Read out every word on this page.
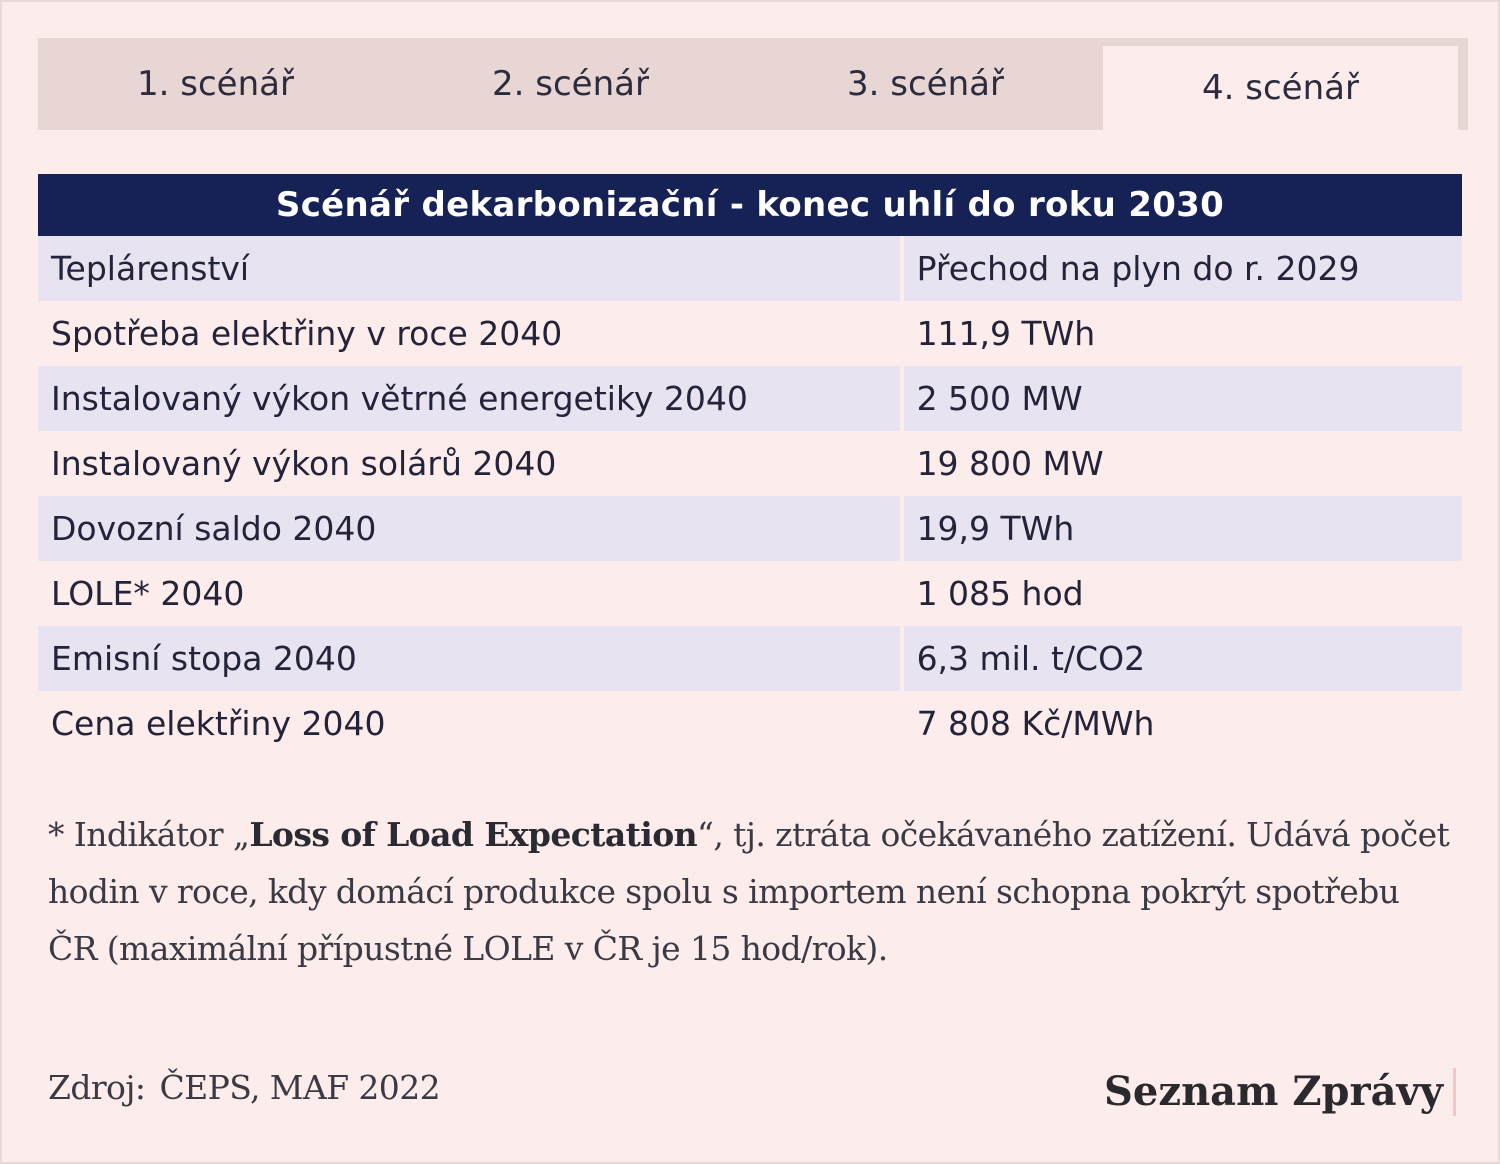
1. scénář	2. scénář	3. scénář	4. scénář
Scénář dekarbonizační - konec uhlí do roku 2030
Teplárenství	Přechod na plyn do r. 2029
Spotřeba elektřiny v roce 2040	111,9 TWh
Instalovaný výkon větrné energetiky 2040	2 500 MW
Instalovaný výkon solárů 2040	19 800 MW
Dovozní saldo 2040	19,9 TWh
LOLE* 2040	1 085 hod
Emisní stopa 2040	6,3 mil. t/CO2
Cena elektřiny 2040	7 808 Kč/MWh
* Indikátor „Loss of Load Expectation“, tj. ztráta očekávaného zatížení. Udává počet hodin v roce, kdy domácí produkce spolu s importem není schopna pokrýt spotřebu ČR (maximální přípustné LOLE v ČR je 15 hod/rok).
Zdroj: ČEPS, MAF 2022	Seznam Zprávy
